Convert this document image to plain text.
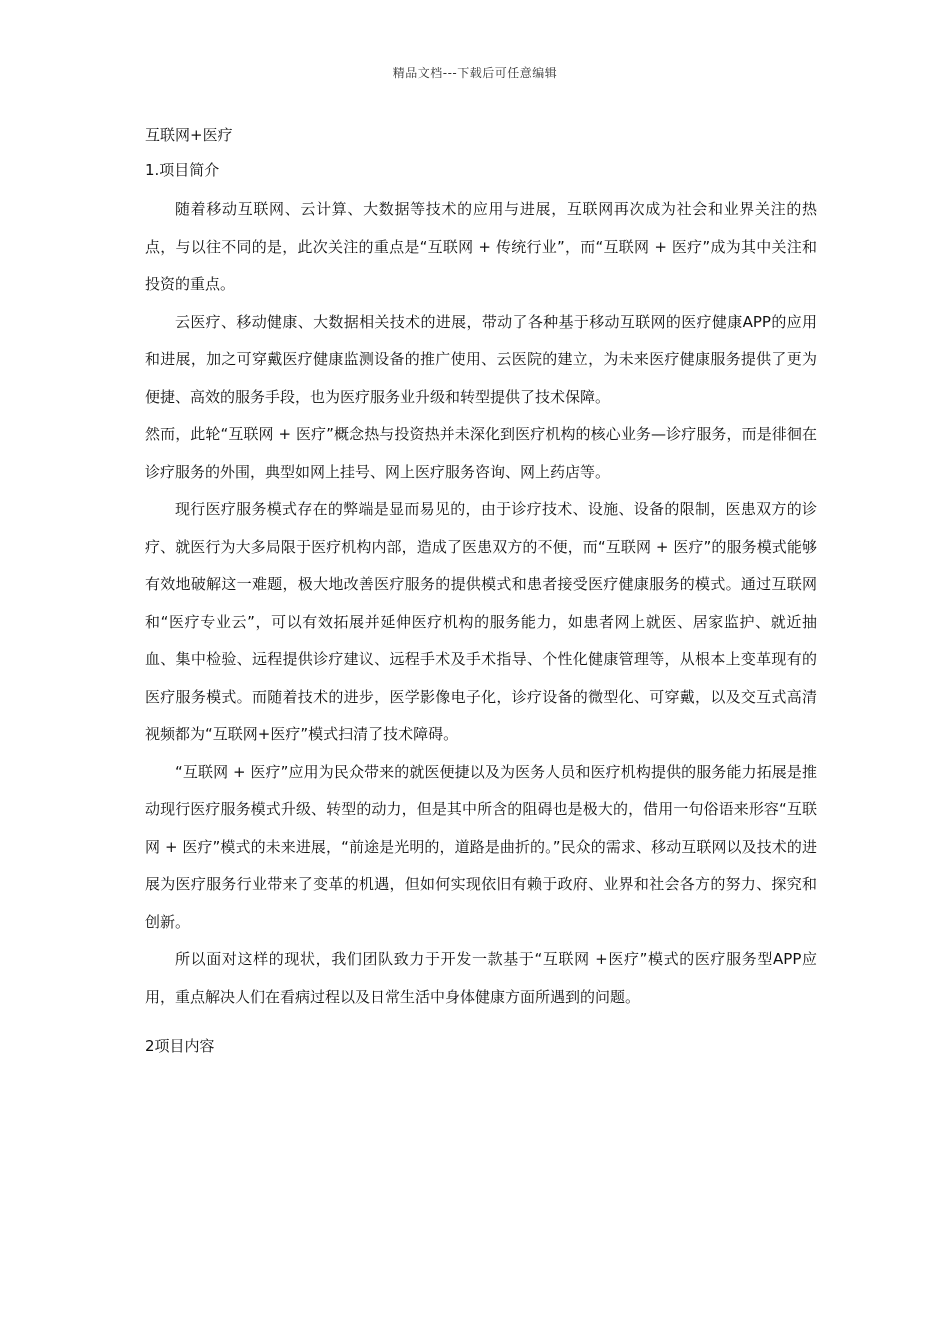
精品文档---下载后可任意编辑
互联网+医疗
1.项目简介

随着移动互联网、云计算、大数据等技术的应用与进展，互联网再次成为社会和业界关注的热点，与以往不同的是，此次关注的重点是“互联网 + 传统行业”，而“互联网 + 医疗”成为其中关注和投资的重点。

云医疗、移动健康、大数据相关技术的进展，带动了各种基于移动互联网的医疗健康APP的应用和进展，加之可穿戴医疗健康监测设备的推广使用、云医院的建立，为未来医疗健康服务提供了更为便捷、高效的服务手段，也为医疗服务业升级和转型提供了技术保障。

然而，此轮“互联网 + 医疗”概念热与投资热并未深化到医疗机构的核心业务—诊疗服务，而是徘徊在诊疗服务的外围，典型如网上挂号、网上医疗服务咨询、网上药店等。

现行医疗服务模式存在的弊端是显而易见的，由于诊疗技术、设施、设备的限制，医患双方的诊疗、就医行为大多局限于医疗机构内部，造成了医患双方的不便，而“互联网 + 医疗”的服务模式能够有效地破解这一难题，极大地改善医疗服务的提供模式和患者接受医疗健康服务的模式。通过互联网和“医疗专业云”，可以有效拓展并延伸医疗机构的服务能力，如患者网上就医、居家监护、就近抽血、集中检验、远程提供诊疗建议、远程手术及手术指导、个性化健康管理等，从根本上变革现有的医疗服务模式。而随着技术的进步，医学影像电子化，诊疗设备的微型化、可穿戴，以及交互式高清视频都为“互联网+医疗”模式扫清了技术障碍。

“互联网 + 医疗”应用为民众带来的就医便捷以及为医务人员和医疗机构提供的服务能力拓展是推动现行医疗服务模式升级、转型的动力，但是其中所含的阻碍也是极大的，借用一句俗语来形容“互联网 + 医疗”模式的未来进展，“前途是光明的，道路是曲折的。”民众的需求、移动互联网以及技术的进展为医疗服务行业带来了变革的机遇，但如何实现依旧有赖于政府、业界和社会各方的努力、探究和创新。

所以面对这样的现状，我们团队致力于开发一款基于“互联网 +医疗”模式的医疗服务型APP应用，重点解决人们在看病过程以及日常生活中身体健康方面所遇到的问题。

2项目内容
